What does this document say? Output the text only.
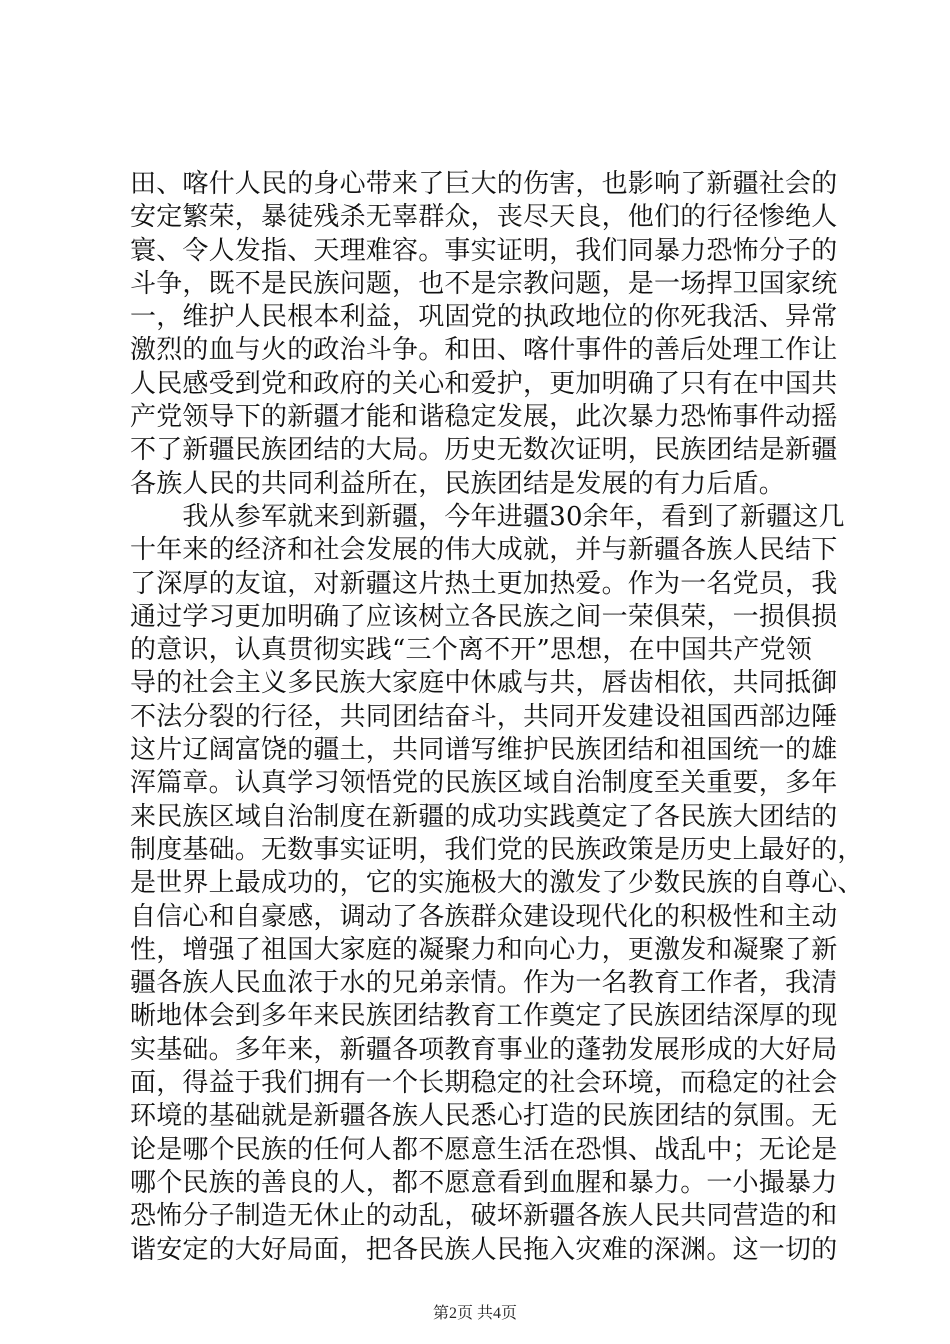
田、喀什人民的身心带来了巨大的伤害，也影响了新疆社会的
安定繁荣，暴徒残杀无辜群众，丧尽天良，他们的行径惨绝人
寰、令人发指、天理难容。事实证明，我们同暴力恐怖分子的
斗争，既不是民族问题，也不是宗教问题，是一场捍卫国家统
一，维护人民根本利益，巩固党的执政地位的你死我活、异常
激烈的血与火的政治斗争。和田、喀什事件的善后处理工作让
人民感受到党和政府的关心和爱护，更加明确了只有在中国共
产党领导下的新疆才能和谐稳定发展，此次暴力恐怖事件动摇
不了新疆民族团结的大局。历史无数次证明，民族团结是新疆
各族人民的共同利益所在，民族团结是发展的有力后盾。
　　我从参军就来到新疆，今年进疆30余年，看到了新疆这几
十年来的经济和社会发展的伟大成就，并与新疆各族人民结下
了深厚的友谊，对新疆这片热土更加热爱。作为一名党员，我
通过学习更加明确了应该树立各民族之间一荣俱荣，一损俱损
的意识，认真贯彻实践“三个离不开”思想，在中国共产党领
导的社会主义多民族大家庭中休戚与共，唇齿相依，共同抵御
不法分裂的行径，共同团结奋斗，共同开发建设祖国西部边陲
这片辽阔富饶的疆土，共同谱写维护民族团结和祖国统一的雄
浑篇章。认真学习领悟党的民族区域自治制度至关重要，多年
来民族区域自治制度在新疆的成功实践奠定了各民族大团结的
制度基础。无数事实证明，我们党的民族政策是历史上最好的，
是世界上最成功的，它的实施极大的激发了少数民族的自尊心、
自信心和自豪感，调动了各族群众建设现代化的积极性和主动
性，增强了祖国大家庭的凝聚力和向心力，更激发和凝聚了新
疆各族人民血浓于水的兄弟亲情。作为一名教育工作者，我清
晰地体会到多年来民族团结教育工作奠定了民族团结深厚的现
实基础。多年来，新疆各项教育事业的蓬勃发展形成的大好局
面，得益于我们拥有一个长期稳定的社会环境，而稳定的社会
环境的基础就是新疆各族人民悉心打造的民族团结的氛围。无
论是哪个民族的任何人都不愿意生活在恐惧、战乱中；无论是
哪个民族的善良的人，都不愿意看到血腥和暴力。一小撮暴力
恐怖分子制造无休止的动乱，破坏新疆各族人民共同营造的和
谐安定的大好局面，把各民族人民拖入灾难的深渊。这一切的
第2页 共4页
